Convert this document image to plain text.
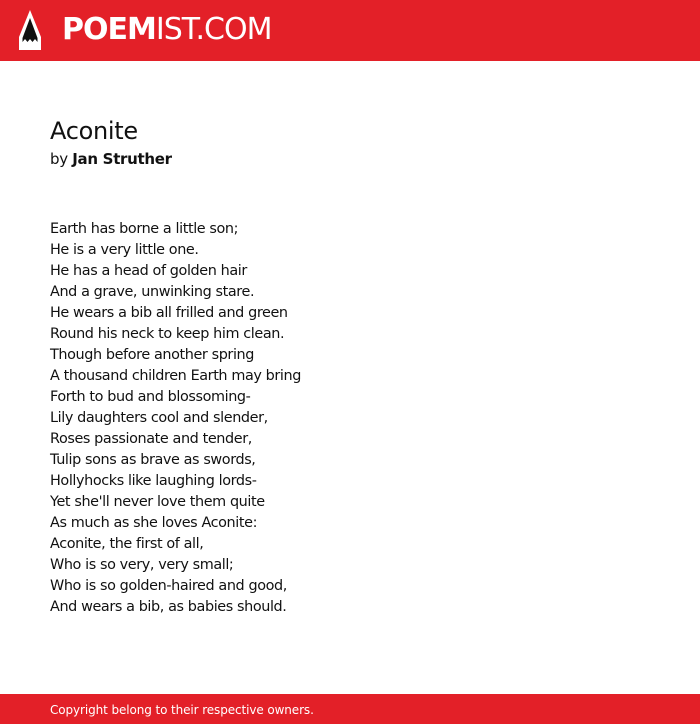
POEMIST.COM
Aconite
by Jan Struther
Earth has borne a little son;
He is a very little one.
He has a head of golden hair
And a grave, unwinking stare.
He wears a bib all frilled and green
Round his neck to keep him clean.
Though before another spring
A thousand children Earth may bring
Forth to bud and blossoming-
Lily daughters cool and slender,
Roses passionate and tender,
Tulip sons as brave as swords,
Hollyhocks like laughing lords-
Yet she'll never love them quite
As much as she loves Aconite:
Aconite, the first of all,
Who is so very, very small;
Who is so golden-haired and good,
And wears a bib, as babies should.
Copyright belong to their respective owners.
